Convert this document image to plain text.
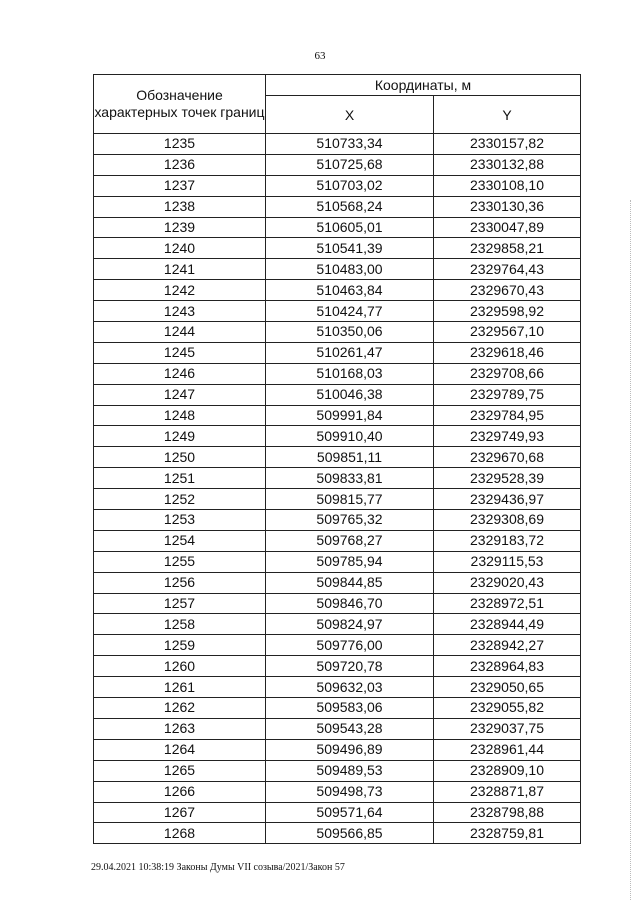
63
Обозначение характерных точек границ	Координаты, м	
	X	Y
1235	510733,34	2330157,82
1236	510725,68	2330132,88
1237	510703,02	2330108,10
1238	510568,24	2330130,36
1239	510605,01	2330047,89
1240	510541,39	2329858,21
1241	510483,00	2329764,43
1242	510463,84	2329670,43
1243	510424,77	2329598,92
1244	510350,06	2329567,10
1245	510261,47	2329618,46
1246	510168,03	2329708,66
1247	510046,38	2329789,75
1248	509991,84	2329784,95
1249	509910,40	2329749,93
1250	509851,11	2329670,68
1251	509833,81	2329528,39
1252	509815,77	2329436,97
1253	509765,32	2329308,69
1254	509768,27	2329183,72
1255	509785,94	2329115,53
1256	509844,85	2329020,43
1257	509846,70	2328972,51
1258	509824,97	2328944,49
1259	509776,00	2328942,27
1260	509720,78	2328964,83
1261	509632,03	2329050,65
1262	509583,06	2329055,82
1263	509543,28	2329037,75
1264	509496,89	2328961,44
1265	509489,53	2328909,10
1266	509498,73	2328871,87
1267	509571,64	2328798,88
1268	509566,85	2328759,81
29.04.2021 10:38:19 Законы Думы VII созыва/2021/Закон 57
